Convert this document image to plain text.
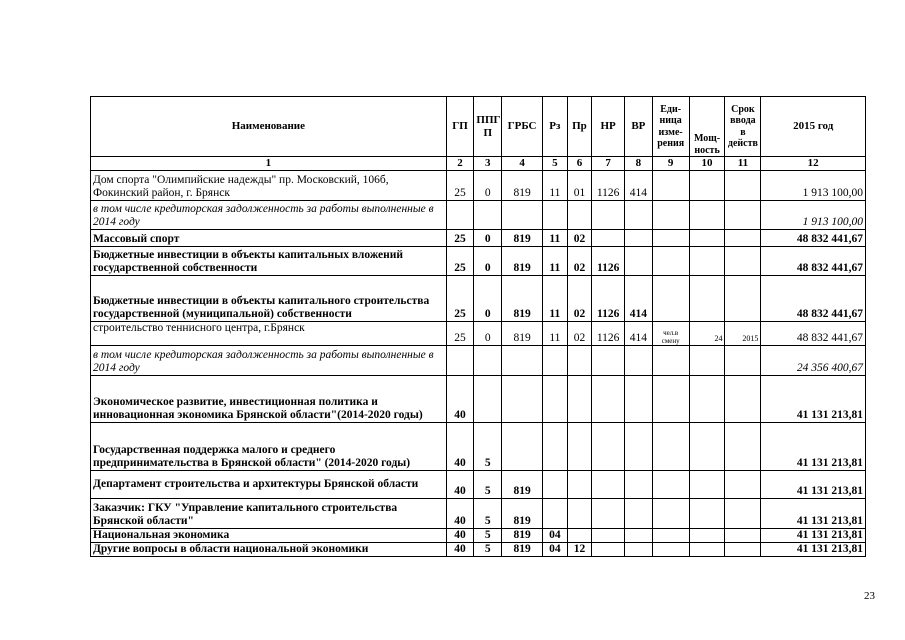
Наименование	ГП	ППГ П	ГРБС	Рз	Пр	НР	ВР	Еди- ница изме- рения	Мощ- ность	Срок ввода в действ	2015 год
1	2	3	4	5	6	7	8	9	10	11	12
Дом спорта "Олимпийские надежды" пр. Московский, 106б, Фокинский район, г. Брянск	25	0	819	11	01	1126	414				1 913 100,00
в том числе кредиторская задолженность за работы выполненные в 2014 году											1 913 100,00
Массовый спорт	25	0	819	11	02						48 832 441,67
Бюджетные инвестиции в объекты капитальных вложений государственной собственности	25	0	819	11	02	1126					48 832 441,67
Бюджетные инвестиции в объекты капитального строительства государственной (муниципальной) собственности	25	0	819	11	02	1126	414				48 832 441,67
строительство теннисного центра, г.Брянск	25	0	819	11	02	1126	414	чел.в смену	24	2015	48 832 441,67
в том числе кредиторская задолженность за работы выполненные в 2014 году											24 356 400,67
Экономическое развитие, инвестиционная политика и инновационная экономика Брянской области"(2014-2020 годы)	40										41 131 213,81
Государственная поддержка малого и среднего предпринимательства в Брянской области" (2014-2020 годы)	40	5									41 131 213,81
Департамент строительства и архитектуры Брянской области	40	5	819								41 131 213,81
Заказчик: ГКУ "Управление капитального строительства Брянской области"	40	5	819								41 131 213,81
Национальная экономика	40	5	819	04							41 131 213,81
Другие вопросы в области национальной экономики	40	5	819	04	12						41 131 213,81
23
